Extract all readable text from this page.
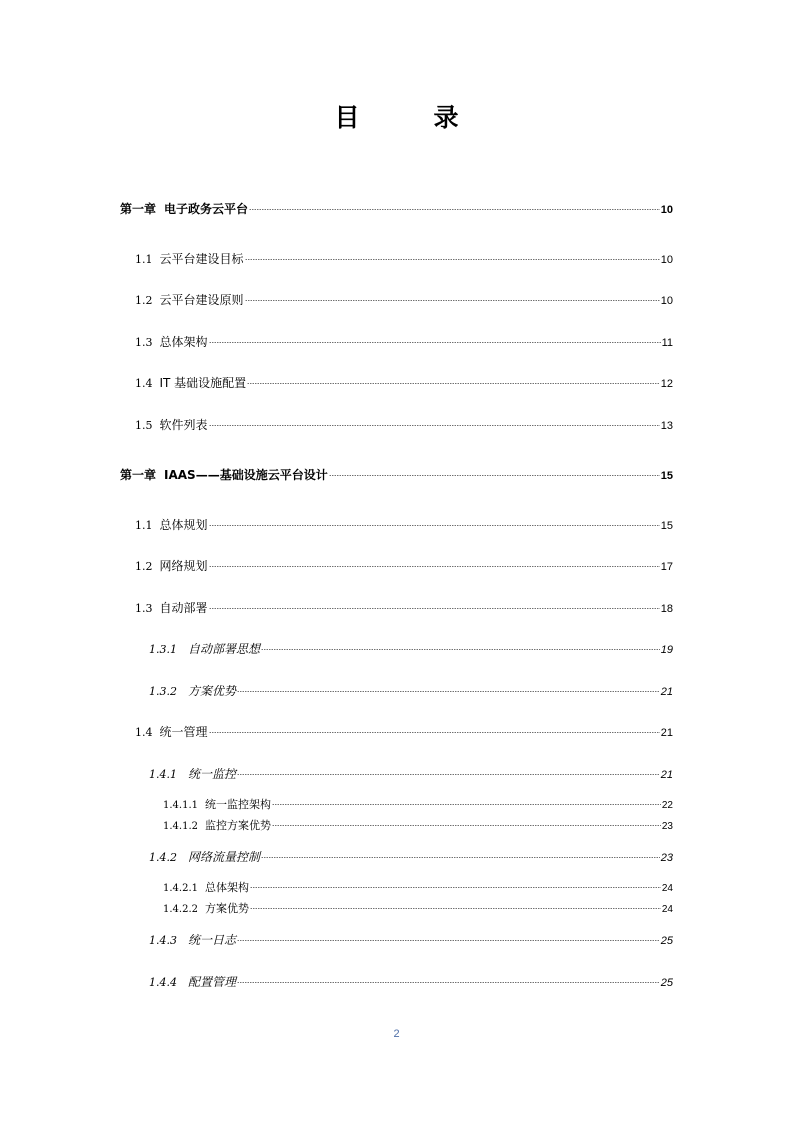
目	录
第一章 电子政务云平台	10
1.1 云平台建设目标	10
1.2 云平台建设原则	10
1.3 总体架构	11
1.4 IT 基础设施配置	12
1.5 软件列表	13
第一章 IAAS——基础设施云平台设计	15
1.1 总体规划	15
1.2 网络规划	17
1.3 自动部署	18
1.3.1 自动部署思想	19
1.3.2 方案优势	21
1.4 统一管理	21
1.4.1 统一监控	21
1.4.1.1 统一监控架构	22
1.4.1.2 监控方案优势	23
1.4.2 网络流量控制	23
1.4.2.1 总体架构	24
1.4.2.2 方案优势	24
1.4.3 统一日志	25
1.4.4 配置管理	25
2
